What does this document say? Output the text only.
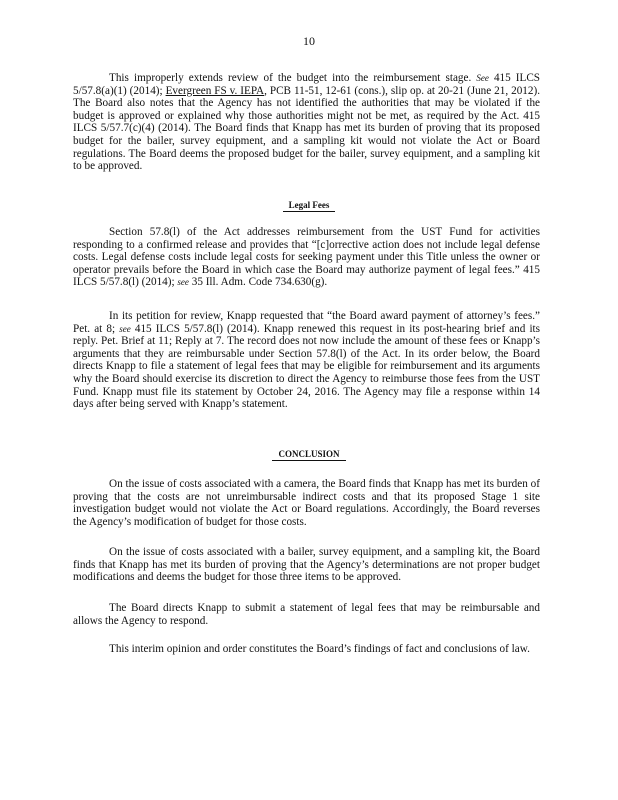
10

This improperly extends review of the budget into the reimbursement stage. See 415 ILCS 5/57.8(a)(1) (2014); Evergreen FS v. IEPA, PCB 11-51, 12-61 (cons.), slip op. at 20-21 (June 21, 2012). The Board also notes that the Agency has not identified the authorities that may be violated if the budget is approved or explained why those authorities might not be met, as required by the Act. 415 ILCS 5/57.7(c)(4) (2014). The Board finds that Knapp has met its burden of proving that its proposed budget for the bailer, survey equipment, and a sampling kit would not violate the Act or Board regulations. The Board deems the proposed budget for the bailer, survey equipment, and a sampling kit to be approved.

Legal Fees

Section 57.8(l) of the Act addresses reimbursement from the UST Fund for activities responding to a confirmed release and provides that “[c]orrective action does not include legal defense costs. Legal defense costs include legal costs for seeking payment under this Title unless the owner or operator prevails before the Board in which case the Board may authorize payment of legal fees.” 415 ILCS 5/57.8(l) (2014); see 35 Ill. Adm. Code 734.630(g).

In its petition for review, Knapp requested that “the Board award payment of attorney’s fees.” Pet. at 8; see 415 ILCS 5/57.8(l) (2014). Knapp renewed this request in its post-hearing brief and its reply. Pet. Brief at 11; Reply at 7. The record does not now include the amount of these fees or Knapp’s arguments that they are reimbursable under Section 57.8(l) of the Act. In its order below, the Board directs Knapp to file a statement of legal fees that may be eligible for reimbursement and its arguments why the Board should exercise its discretion to direct the Agency to reimburse those fees from the UST Fund. Knapp must file its statement by October 24, 2016. The Agency may file a response within 14 days after being served with Knapp’s statement.

CONCLUSION

On the issue of costs associated with a camera, the Board finds that Knapp has met its burden of proving that the costs are not unreimbursable indirect costs and that its proposed Stage 1 site investigation budget would not violate the Act or Board regulations. Accordingly, the Board reverses the Agency’s modification of budget for those costs.

On the issue of costs associated with a bailer, survey equipment, and a sampling kit, the Board finds that Knapp has met its burden of proving that the Agency’s determinations are not proper budget modifications and deems the budget for those three items to be approved.

The Board directs Knapp to submit a statement of legal fees that may be reimbursable and allows the Agency to respond.

This interim opinion and order constitutes the Board’s findings of fact and conclusions of law.
